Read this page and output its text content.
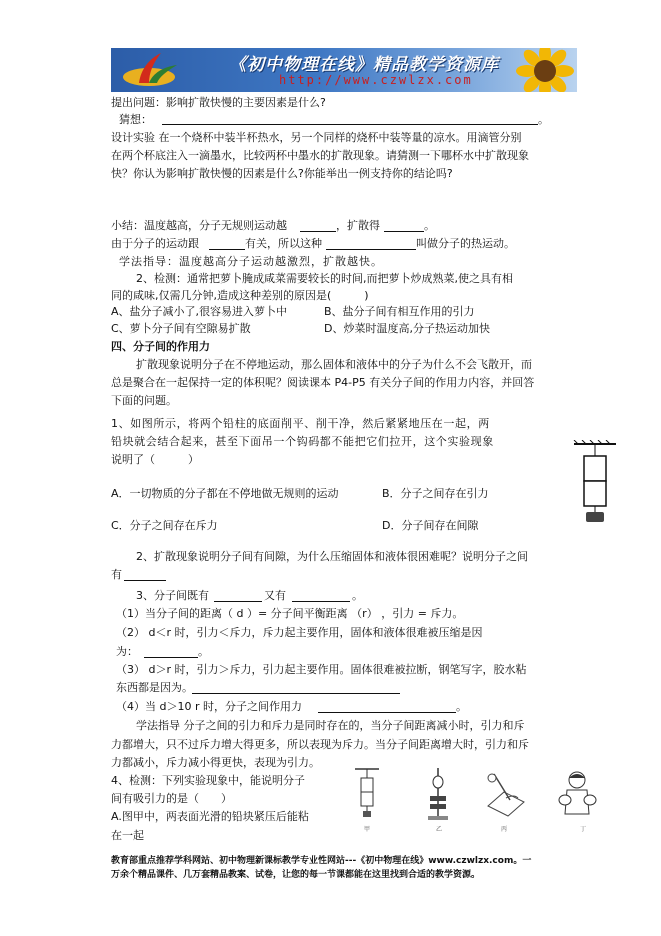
《初中物理在线》精品教学资源库
http://www.czwlzx.com
提出问题：影响扩散快慢的主要因素是什么?
猜想：	。
设计实验 在一个烧杯中装半杯热水，另一个同样的烧杯中装等量的凉水。用滴管分别
在两个杯底注入一滴墨水，比较两杯中墨水的扩散现象。请猜测一下哪杯水中扩散现象
快？你认为影响扩散快慢的因素是什么?你能举出一例支持你的结论吗?
小结：温度越高，分子无规则运动越	，扩散得	。
由于分子的运动跟	有关，所以这种	叫做分子的热运动。
学法指导：温度越高分子运动越激烈，扩散越快。
2、检测：通常把萝卜腌成咸菜需要较长的时间,而把萝卜炒成熟菜,使之具有相
同的咸味,仅需几分钟,造成这种差别的原因是(　　　)
A、盐分子减小了,很容易进入萝卜中	B、盐分子间有相互作用的引力
C、萝卜分子间有空隙易扩散	D、炒菜时温度高,分子热运动加快
四、分子间的作用力
扩散现象说明分子在不停地运动，那么固体和液体中的分子为什么不会飞散开，而
总是聚合在一起保持一定的体积呢？阅读课本 P4-P5 有关分子间的作用力内容，并回答
下面的问题。
1、如图所示，将两个铅柱的底面削平、削干净，然后紧紧地压在一起，两
铅块就会结合起来，甚至下面吊一个钩码都不能把它们拉开，这个实验现象
说明了（　　　）
A．一切物质的分子都在不停地做无规则的运动	B．分子之间存在引力
C．分子之间存在斥力	D．分子间存在间隙
2、扩散现象说明分子间有间隙，为什么压缩固体和液体很困难呢？说明分子之间
有
3、分子间既有	又有	。
（1）当分子间的距离（ d ）= 分子间平衡距离 （r） ，引力 = 斥力。
（2） d＜r 时，引力＜斥力，斥力起主要作用，固体和液体很难被压缩是因
为：	。
（3） d＞r 时，引力＞斥力，引力起主要作用。固体很难被拉断，钢笔写字，胶水粘
东西都是因为。
（4）当 d＞10 r 时，分子之间作用力	。
学法指导 分子之间的引力和斥力是同时存在的，当分子间距离减小时，引力和斥
力都增大，只不过斥力增大得更多，所以表现为斥力。当分子间距离增大时，引力和斥
力都减小，斥力减小得更快，表现为引力。
4、检测：下列实验现象中，能说明分子
间有吸引力的是（　　）
A.图甲中，两表面光滑的铅块紧压后能粘
在一起	甲	乙	丙	丁
教育部重点推荐学科网站、初中物理新课标教学专业性网站---《初中物理在线》www.czwlzx.com。一
万余个精品课件、几万套精品教案、试卷，让您的每一节课都能在这里找到合适的教学资源。
